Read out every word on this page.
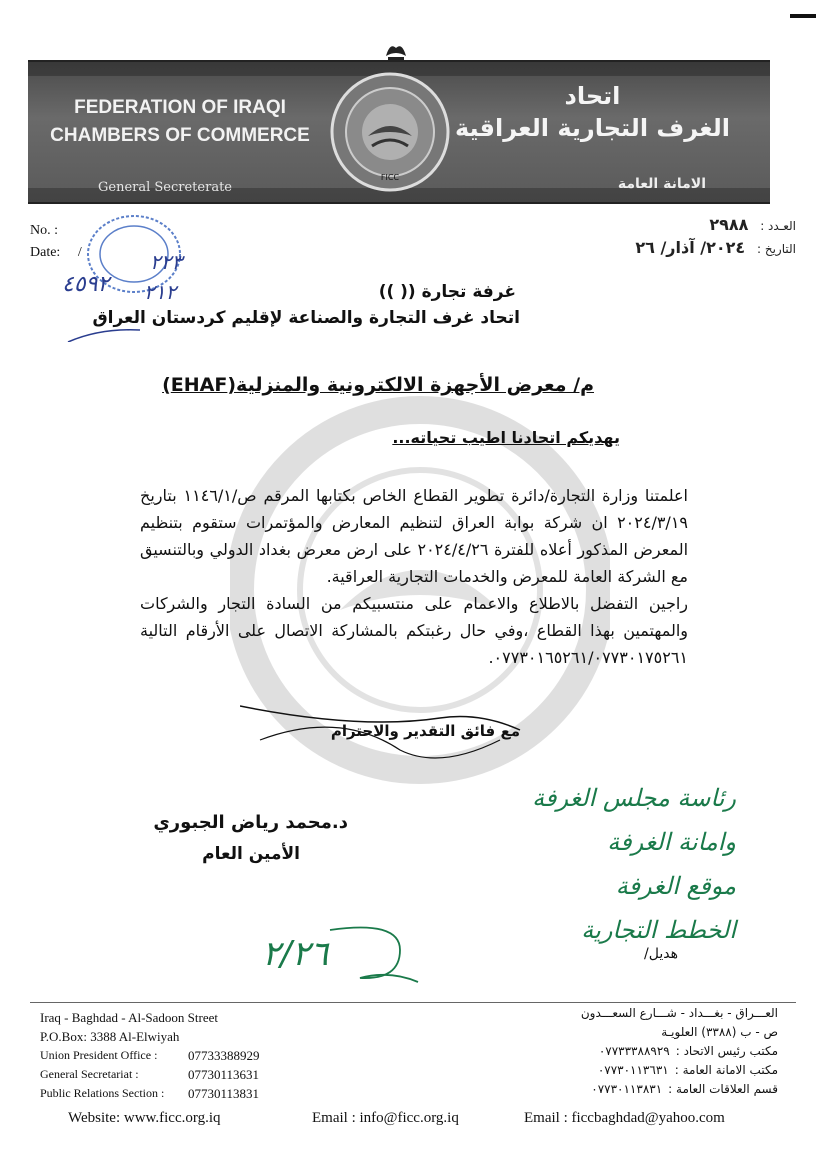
FEDERATION OF IRAQI
CHAMBERS OF COMMERCE
General Secreterate
اتحاد
الغرف التجارية العراقية
الامانة العامة
FICC
No. :
Date: /
العـدد : ٢٩٨٨
التاريخ : ٢٠٢٤/ آذار/ ٢٦
٢٢٣
٤٥٩٢ ٢١٢	غرفة تجارة (( ))
اتحاد غرف التجارة والصناعة لإقليم كردستان العراق
م/ معرض الأجهزة الالكترونية والمنزلية(EHAF)
يهديكم اتحادنا اطيب تحياته...
اعلمتنا وزارة التجارة/دائرة تطوير القطاع الخاص بكتابها المرقم ص/١١٤٦/١ بتاريخ ٢٠٢٤/٣/١٩ ان شركة بوابة العراق لتنظيم المعارض والمؤتمرات ستقوم بتنظيم المعرض المذكور أعلاه للفترة ٢٠٢٤/٤/٢٦ على ارض معرض بغداد الدولي وبالتنسيق مع الشركة العامة للمعرض والخدمات التجارية العراقية.
راجين التفضل بالاطلاع والاعمام على منتسبيكم من السادة التجار والشركات والمهتمين بهذا القطاع ،وفي حال رغبتكم بالمشاركة الاتصال على الأرقام التالية ٠٧٧٣٠١٦٥٢٦١/٠٧٧٣٠١٧٥٢٦١.
مع فائق التقدير والاحترام
د.محمد رياض الجبوري
الأمين العام
رئاسة مجلس الغرفة
وامانة الغرفة
موقع الغرفة
الخطط التجارية
٢/٢٦	هديل/
Iraq - Baghdad - Al-Sadoon Street
P.O.Box: 3388 Al-Elwiyah
Union President Office :	07733388929
General Secretariat :	07730113631
Public Relations Section :	07730113831
العـــراق - بغـــداد - شـــارع السعـــدون
ص - ب (٣٣٨٨) العلويـة
مكتب رئيس الاتحاد :
٠٧٧٣٣٣٨٨٩٢٩
مكتب الامانة العامة :
٠٧٧٣٠١١٣٦٣١
قسم العلاقات العامة :
٠٧٧٣٠١١٣٨٣١
Website: www.ficc.org.iq	Email : info@ficc.org.iq	Email : ficcbaghdad@yahoo.com
